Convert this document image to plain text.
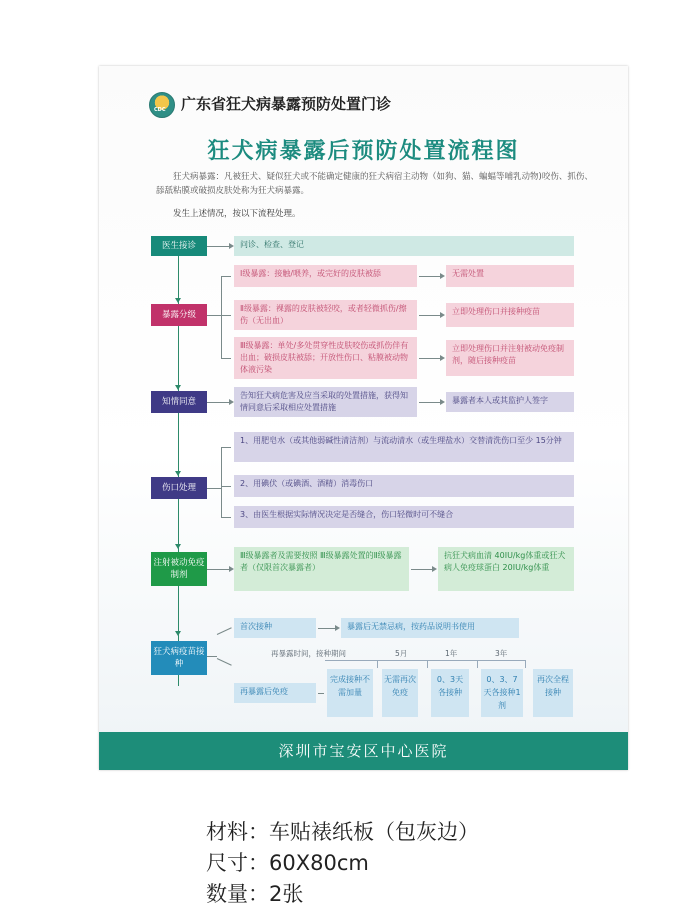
CDC 广东省狂犬病暴露预防处置门诊
狂犬病暴露后预防处置流程图
狂犬病暴露：凡被狂犬、疑似狂犬或不能确定健康的狂犬病宿主动物（如狗、猫、蝙蝠等哺乳动物)咬伤、抓伤、舔舐粘膜或破损皮肤处称为狂犬病暴露。
发生上述情况，按以下流程处理。
医生接诊	问诊、检查、登记
暴露分级
Ⅰ级暴露：接触/喂养，或完好的皮肤被舔
Ⅱ级暴露：裸露的皮肤被轻咬，或者轻微抓伤/擦伤（无出血）
Ⅲ级暴露：单处/多处贯穿性皮肤咬伤或抓伤伴有出血；破损皮肤被舔；开放性伤口、粘膜被动物体液污染
无需处置
立即处理伤口并接种疫苗
立即处理伤口并注射被动免疫制剂，随后接种疫苗
知情同意
告知狂犬病危害及应当采取的处置措施，获得知情同意后采取相应处置措施
暴露者本人或其监护人签字
伤口处理
1、用肥皂水（或其他弱碱性清洁剂）与流动清水（或生理盐水）交替清洗伤口至少 15分钟
2、用碘伏（或碘酒、酒精）消毒伤口
3、由医生根据实际情况决定是否缝合，伤口轻微时可不缝合
注射被动免疫制剂
Ⅲ级暴露者及需要按照 Ⅲ级暴露处置的Ⅱ级暴露者（仅限首次暴露者）
抗狂犬病血清 40IU/kg体重或狂犬病人免疫球蛋白 20IU/kg体重
狂犬病疫苗接种
首次接种	暴露后无禁忌病，按药品说明书使用
再暴露时间，接种期间	5月	1年	3年
再暴露后免疫
完成接种不需加量
无需再次免疫
0、3天各接种
0、3、7天各接种1剂
再次全程接种
深圳市宝安区中心医院
材料：车贴裱纸板（包灰边）
尺寸：60X80cm
数量：2张
